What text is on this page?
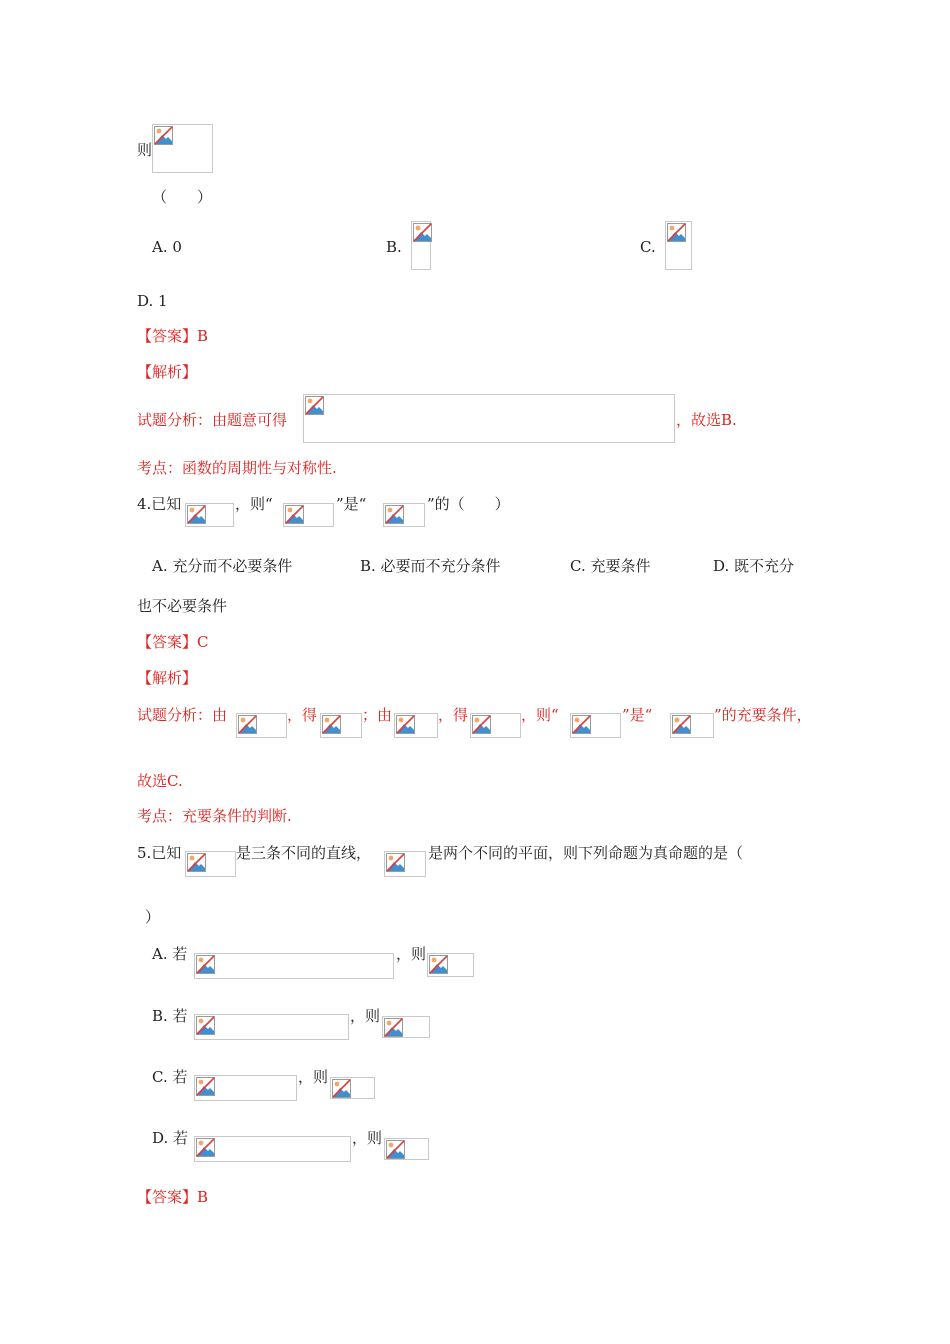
则
（　　）
A. 0	B.	C.
D. 1
【答案】B
【解析】
试题分析：由题意可得	，故选B.
考点：函数的周期性与对称性.
4.已知	，则“	”是“	”的（　　）
A. 充分而不必要条件	B. 必要而不充分条件	C. 充要条件	D. 既不充分
也不必要条件
【答案】C
【解析】
试题分析：由	，得	；由	，得	，则“	”是“	”的充要条件，
故选C.
考点：充要条件的判断.
5.已知	是三条不同的直线，	是两个不同的平面，则下列命题为真命题的是（
）
A. 若	，则
B. 若	，则
C. 若	，则
D. 若	，则
【答案】B
